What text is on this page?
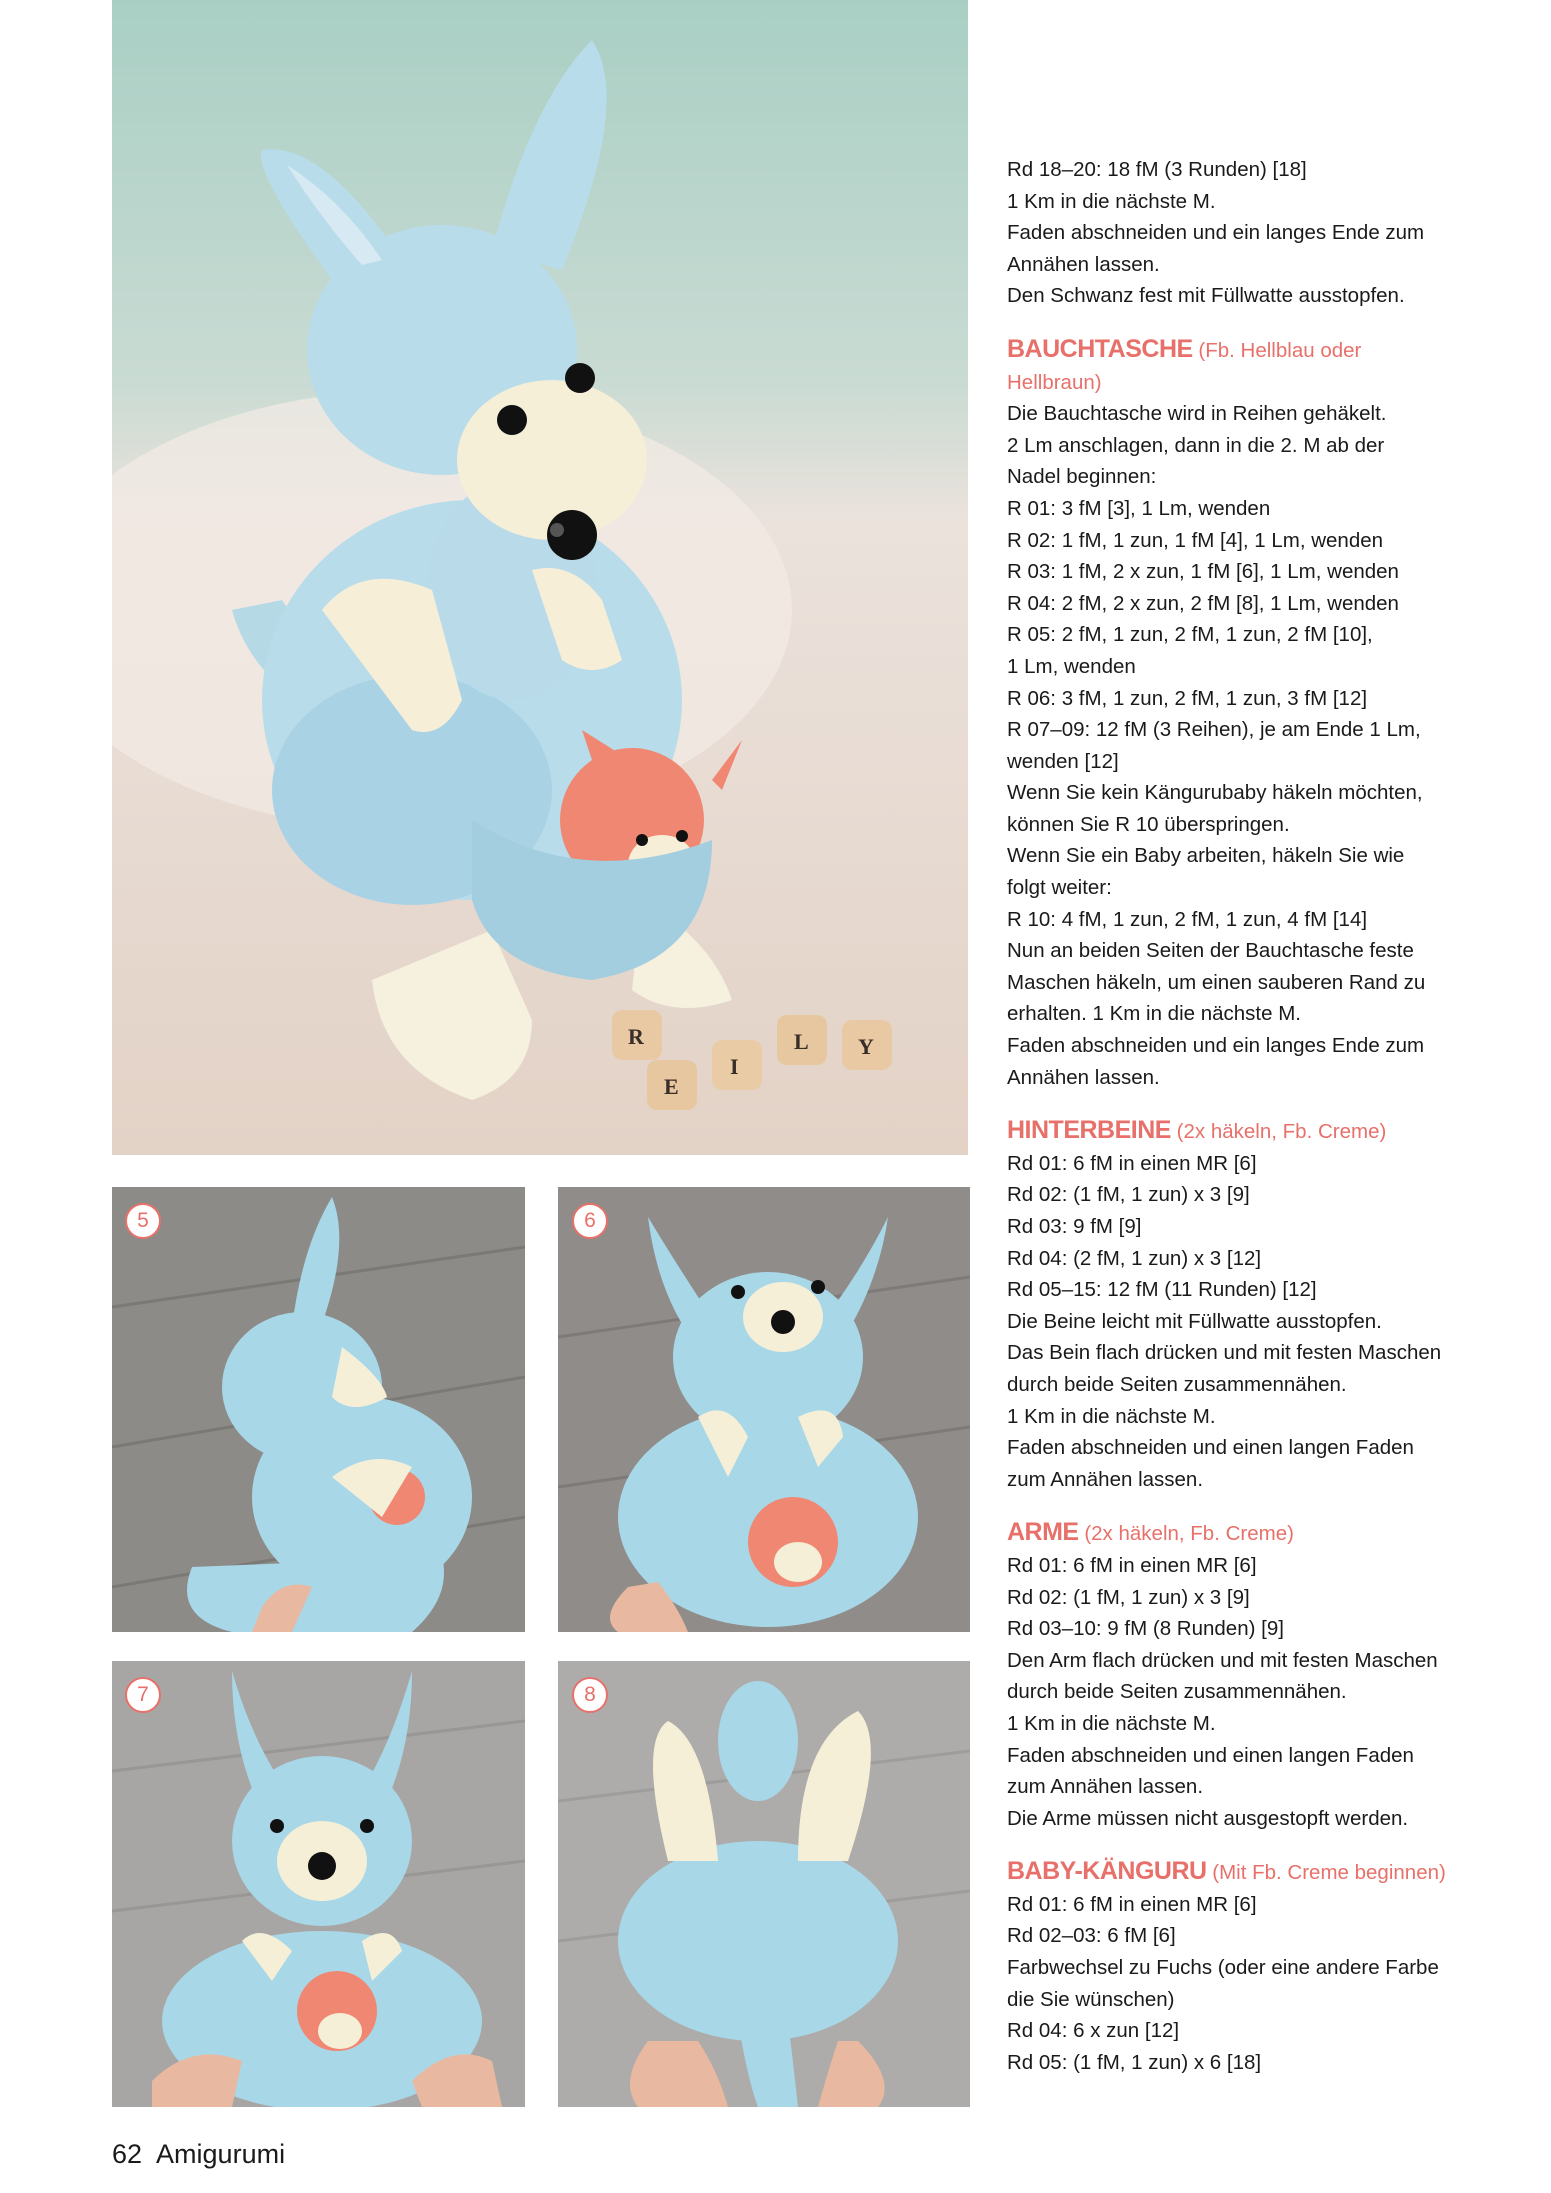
R
E
I
L Y
5	6
7	8
Rd 18–20: 18 fM (3 Runden) [18]
1 Km in die nächste M.
Faden abschneiden und ein langes Ende zum
Annähen lassen.
Den Schwanz fest mit Füllwatte ausstopfen.
BAUCHTASCHE (Fb. Hellblau oder
Hellbraun)
Die Bauchtasche wird in Reihen gehäkelt.
2 Lm anschlagen, dann in die 2. M ab der
Nadel beginnen:
R 01: 3 fM [3], 1 Lm, wenden
R 02: 1 fM, 1 zun, 1 fM [4], 1 Lm, wenden
R 03: 1 fM, 2 x zun, 1 fM [6], 1 Lm, wenden
R 04: 2 fM, 2 x zun, 2 fM [8], 1 Lm, wenden
R 05: 2 fM, 1 zun, 2 fM, 1 zun, 2 fM [10],
1 Lm, wenden
R 06: 3 fM, 1 zun, 2 fM, 1 zun, 3 fM [12]
R 07–09: 12 fM (3 Reihen), je am Ende 1 Lm,
wenden [12]
Wenn Sie kein Kängurubaby häkeln möchten,
können Sie R 10 überspringen.
Wenn Sie ein Baby arbeiten, häkeln Sie wie
folgt weiter:
R 10: 4 fM, 1 zun, 2 fM, 1 zun, 4 fM [14]
Nun an beiden Seiten der Bauchtasche feste
Maschen häkeln, um einen sauberen Rand zu
erhalten. 1 Km in die nächste M.
Faden abschneiden und ein langes Ende zum
Annähen lassen.
HINTERBEINE (2x häkeln, Fb. Creme)
Rd 01: 6 fM in einen MR [6]
Rd 02: (1 fM, 1 zun) x 3 [9]
Rd 03: 9 fM [9]
Rd 04: (2 fM, 1 zun) x 3 [12]
Rd 05–15: 12 fM (11 Runden) [12]
Die Beine leicht mit Füllwatte ausstopfen.
Das Bein flach drücken und mit festen Maschen
durch beide Seiten zusammennähen.
1 Km in die nächste M.
Faden abschneiden und einen langen Faden
zum Annähen lassen.
ARME (2x häkeln, Fb. Creme)
Rd 01: 6 fM in einen MR [6]
Rd 02: (1 fM, 1 zun) x 3 [9]
Rd 03–10: 9 fM (8 Runden) [9]
Den Arm flach drücken und mit festen Maschen
durch beide Seiten zusammennähen.
1 Km in die nächste M.
Faden abschneiden und einen langen Faden
zum Annähen lassen.
Die Arme müssen nicht ausgestopft werden.
BABY-KÄNGURU (Mit Fb. Creme beginnen)
Rd 01: 6 fM in einen MR [6]
Rd 02–03: 6 fM [6]
Farbwechsel zu Fuchs (oder eine andere Farbe
die Sie wünschen)
Rd 04: 6 x zun [12]
Rd 05: (1 fM, 1 zun) x 6 [18]
62 Amigurumi
